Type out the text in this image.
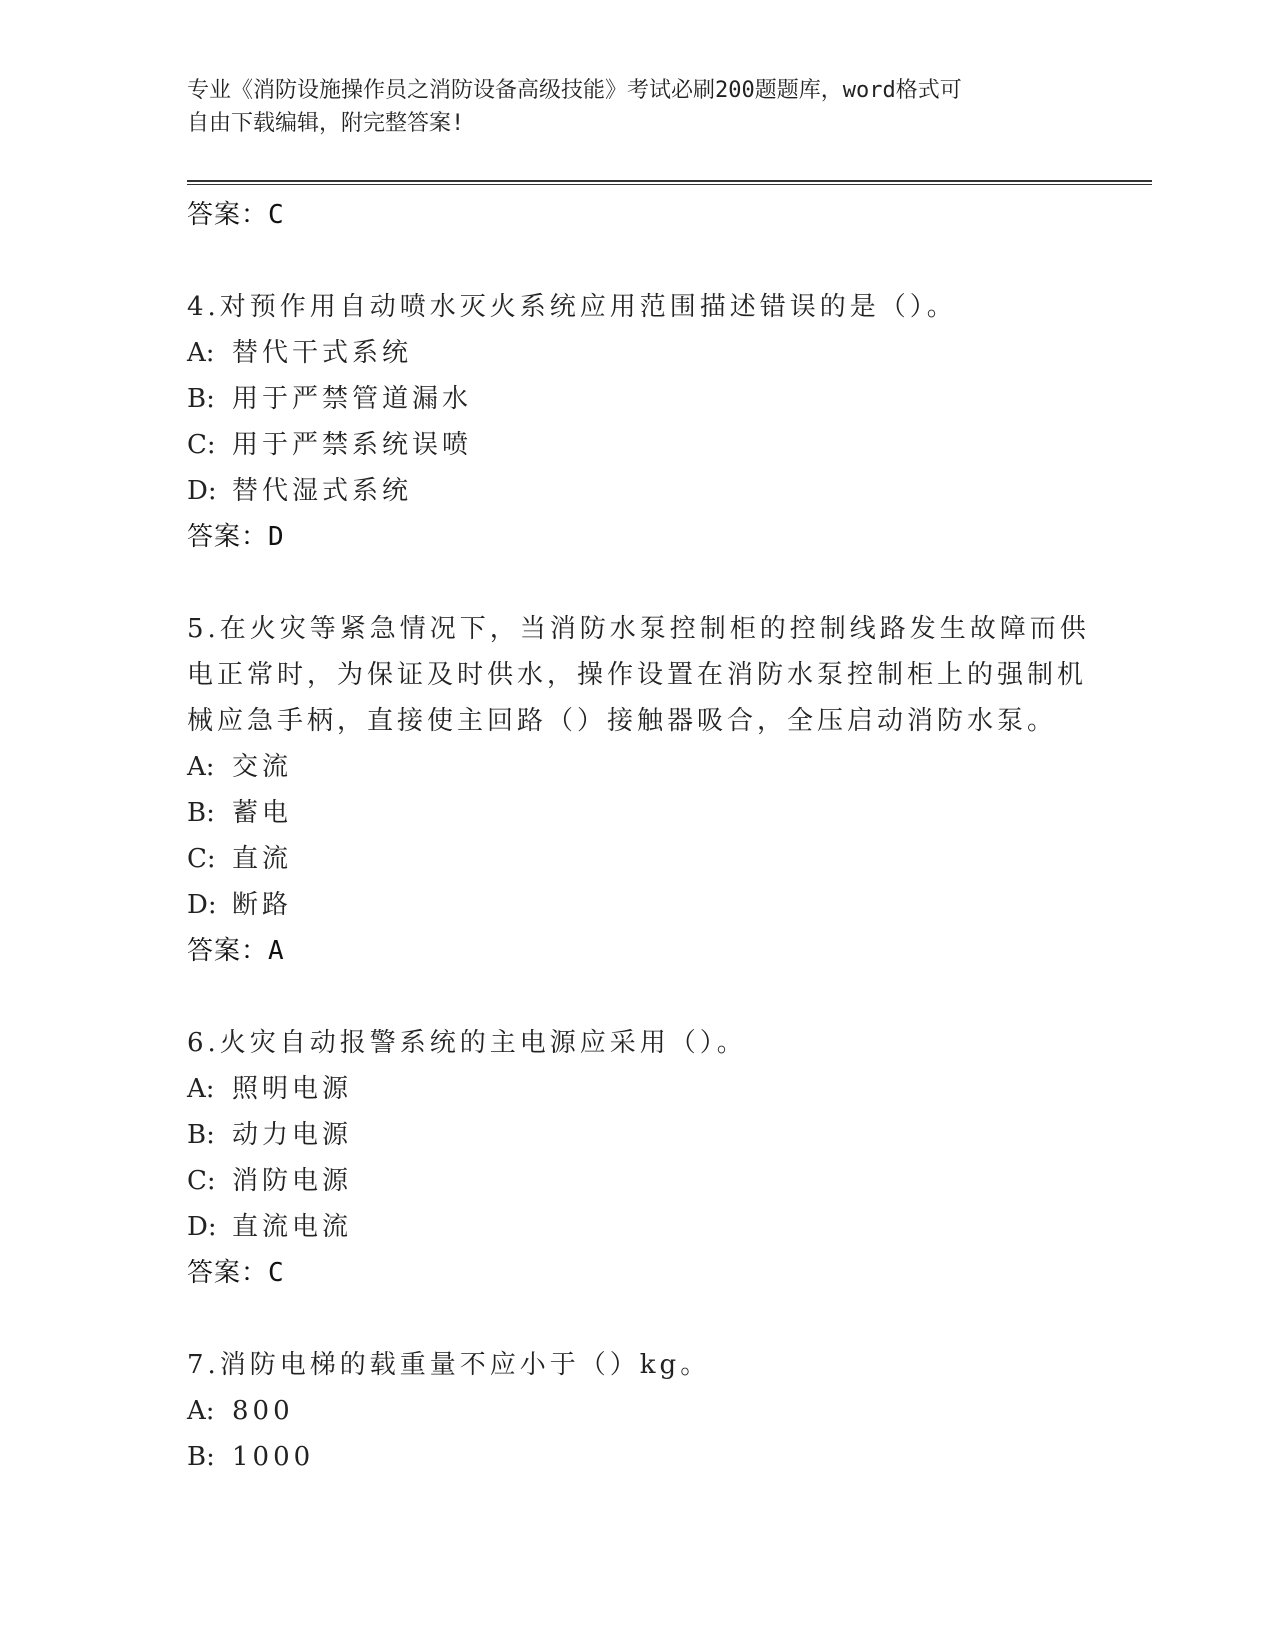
专业《消防设施操作员之消防设备高级技能》考试必刷200题题库，word格式可
自由下载编辑，附完整答案!
答案：C
4.对预作用自动喷水灭火系统应用范围描述错误的是（）。
A: 替代干式系统
B: 用于严禁管道漏水
C: 用于严禁系统误喷
D: 替代湿式系统
答案：D
5.在火灾等紧急情况下，当消防水泵控制柜的控制线路发生故障而供
电正常时，为保证及时供水，操作设置在消防水泵控制柜上的强制机
械应急手柄，直接使主回路（）接触器吸合，全压启动消防水泵。
A: 交流
B: 蓄电
C: 直流
D: 断路
答案：A
6.火灾自动报警系统的主电源应采用（）。
A: 照明电源
B: 动力电源
C: 消防电源
D: 直流电流
答案：C
7.消防电梯的载重量不应小于（）kg。
A: 800
B: 1000
